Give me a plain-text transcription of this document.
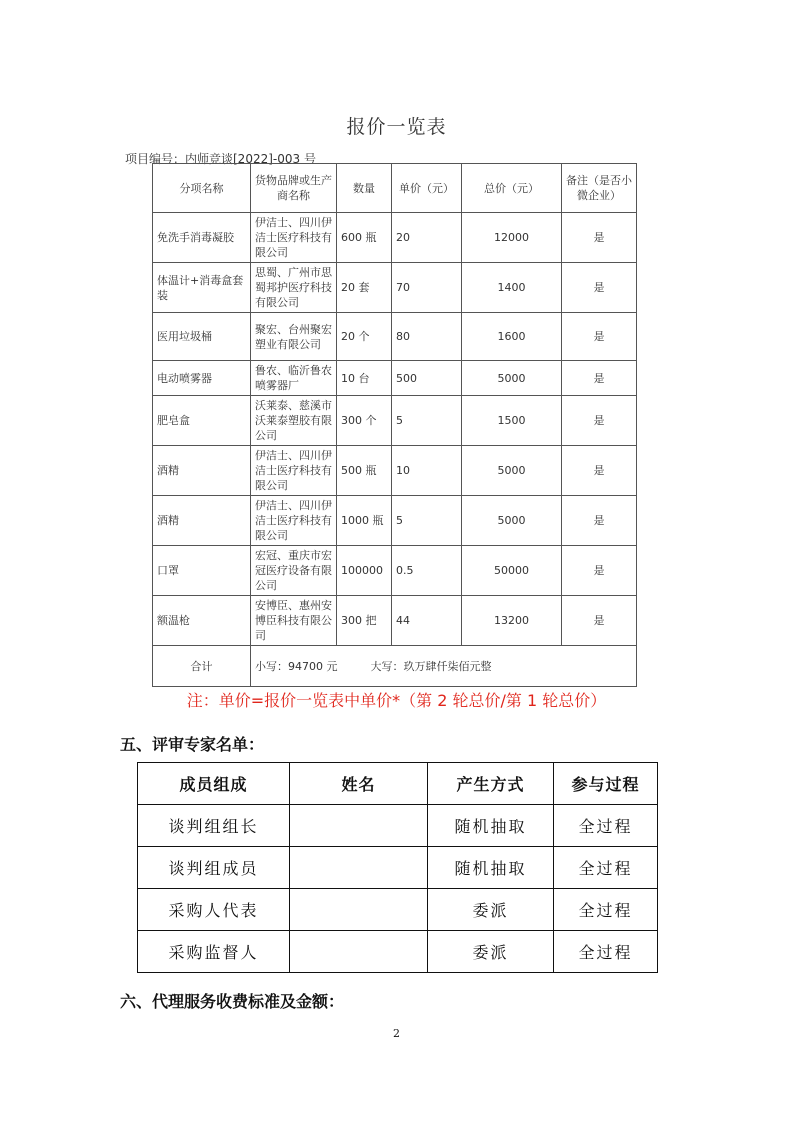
报价一览表
项目编号：内师竞谈[2022]-003 号
分项名称	货物品牌或生产商名称	数量	单价（元）	总价（元）	备注（是否小微企业）
免洗手消毒凝胶	伊洁士、四川伊洁士医疗科技有限公司	600 瓶	20	12000	是
体温计+消毒盒套装	思蜀、广州市思蜀邦护医疗科技有限公司	20 套	70	1400	是
医用垃圾桶	聚宏、台州聚宏塑业有限公司	20 个	80	1600	是
电动喷雾器	鲁农、临沂鲁农喷雾器厂	10 台	500	5000	是
肥皂盒	沃莱泰、慈溪市沃莱泰塑胶有限公司	300 个	5	1500	是
酒精	伊洁士、四川伊洁士医疗科技有限公司	500 瓶	10	5000	是
酒精	伊洁士、四川伊洁士医疗科技有限公司	1000 瓶	5	5000	是
口罩	宏冠、重庆市宏冠医疗设备有限公司	100000	0.5	50000	是
额温枪	安博臣、惠州安博臣科技有限公司	300 把	44	13200	是
合计	小写：94700 元 大写：玖万肆仟柒佰元整				
注：单价=报价一览表中单价*（第 2 轮总价/第 1 轮总价）
五、评审专家名单：
成员组成	姓名	产生方式	参与过程
谈判组组长		随机抽取	全过程
谈判组成员		随机抽取	全过程
采购人代表		委派	全过程
采购监督人		委派	全过程
六、代理服务收费标准及金额：
2
